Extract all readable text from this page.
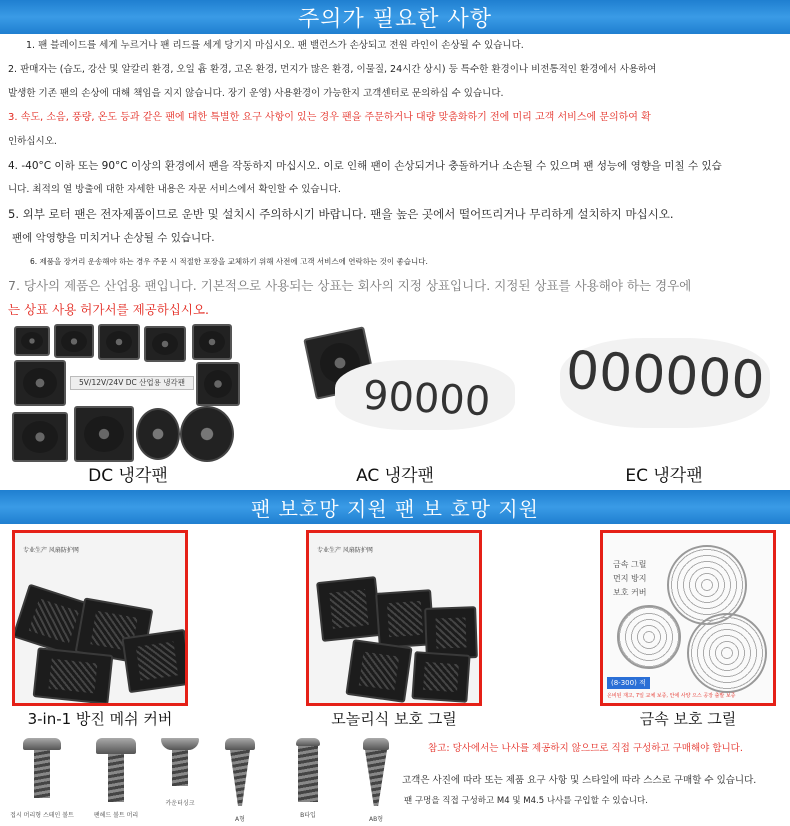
주의가 필요한 사항
1. 팬 블레이드를 세게 누르거나 팬 리드를 세게 당기지 마십시오. 팬 밸런스가 손상되고 전원 라인이 손상될 수 있습니다.
2. 판매자는 (습도, 강산 및 알칼리 환경, 오일 흄 환경, 고온 환경, 먼지가 많은 환경, 이물질, 24시간 상시) 등 특수한 환경이나 비전통적인 환경에서 사용하여
발생한 기존 팬의 손상에 대해 책임을 지지 않습니다. 장기 운영) 사용환경이 가능한지 고객센터로 문의하십 수 있습니다.
3. 속도, 소음, 풍량, 온도 등과 같은 팬에 대한 특별한 요구 사항이 있는 경우 팬을 주문하거나 대량 맞춤화하기 전에 미리 고객 서비스에 문의하여 확
인하십시오.
4. -40°C 이하 또는 90°C 이상의 환경에서 팬을 작동하지 마십시오. 이로 인해 팬이 손상되거나 충돌하거나 소손될 수 있으며 팬 성능에 영향을 미칠 수 있습
니다. 최적의 열 방출에 대한 자세한 내용은 자문 서비스에서 확인할 수 있습니다.
5. 외부 로터 팬은 전자제품이므로 운반 및 설치시 주의하시기 바랍니다. 팬을 높은 곳에서 떨어뜨리거나 무리하게 설치하지 마십시오.
팬에 악영향을 미치거나 손상될 수 있습니다.
6. 제품을 장거리 운송해야 하는 경우 주문 시 적절한 포장을 교체하기 위해 사전에 고객 서비스에 연락하는 것이 좋습니다.
7. 당사의 제품은 산업용 팬입니다. 기본적으로 사용되는 상표는 회사의 지정 상표입니다. 지정된 상표를 사용해야 하는 경우에
는 상표 사용 허가서를 제공하십시오.
5V/12V/24V DC 산업용 냉각팬
DC 냉각팬
90000
AC 냉각팬
000000
EC 냉각팬
팬 보호망 지원 팬 보 호망 지원
专业生产 风扇防护网
3-in-1 방진 메쉬 커버
专业生产 风扇防护网
모놀리식 보호 그릴
금속 그릴
먼지 방지
보호 커버
(8-300) 적
온비된 재고, 7일 교체 보증, 안에 사양 으스 공장 출발 보증
금속 보호 그릴
접시 머리형 스테인 볼트	팬헤드 볼트 머리
카운터싱크
A형
B타입
AB형
참고: 당사에서는 나사를 제공하지 않으므로 직접 구성하고 구매해야 합니다.
고객은 사진에 따라 또는 제품 요구 사항 및 스타일에 따라 스스로 구매할 수 있습니다.
팬 구멍을 직접 구성하고 M4 및 M4.5 나사를 구입할 수 있습니다.
